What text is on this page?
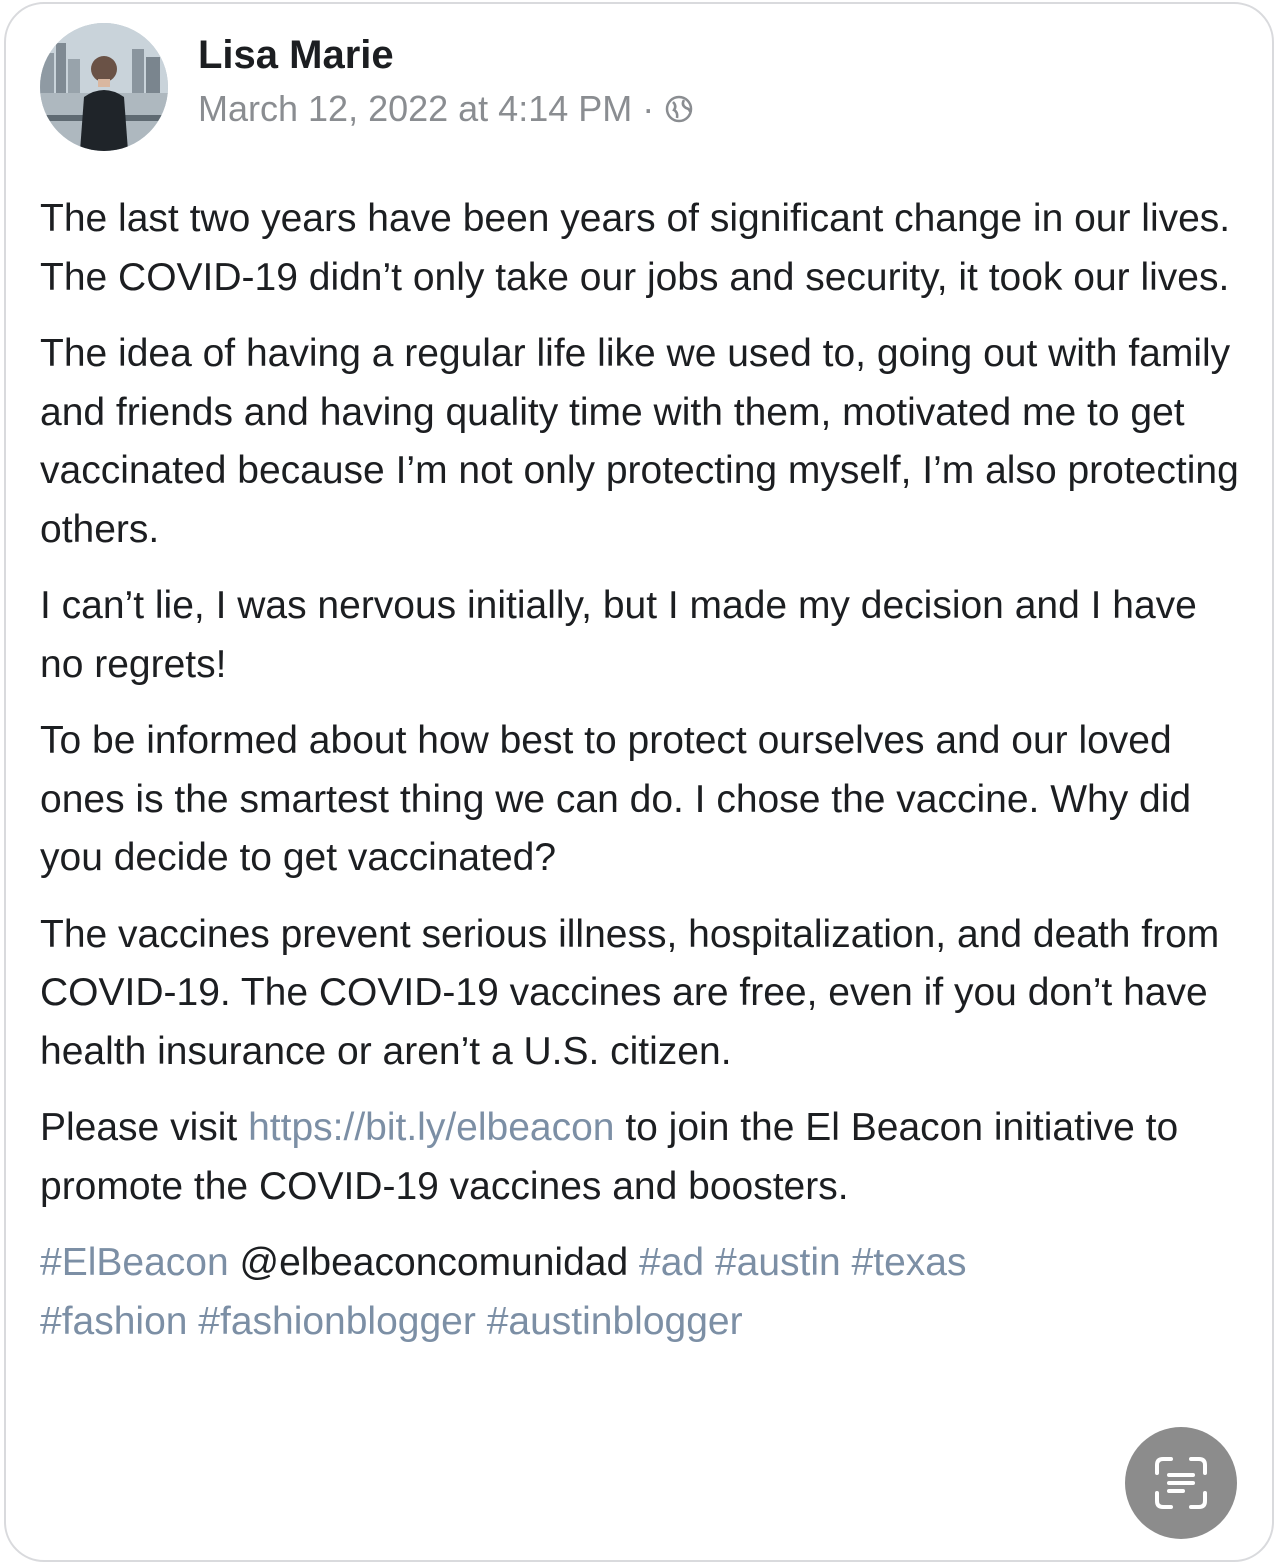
Lisa Marie
March 12, 2022 at 4:14 PM ·

The last two years have been years of significant change in our lives. The COVID-19 didn’t only take our jobs and security, it took our lives.

The idea of having a regular life like we used to, going out with family and friends and having quality time with them, motivated me to get vaccinated because I’m not only protecting myself, I’m also protecting others.

I can’t lie, I was nervous initially, but I made my decision and I have no regrets!

To be informed about how best to protect ourselves and our loved ones is the smartest thing we can do. I chose the vaccine. Why did you decide to get vaccinated?

The vaccines prevent serious illness, hospitalization, and death from COVID-19. The COVID-19 vaccines are free, even if you don’t have health insurance or aren’t a U.S. citizen.

Please visit https://bit.ly/elbeacon to join the El Beacon initiative to promote the COVID-19 vaccines and boosters.

#ElBeacon @elbeaconcomunidad #ad #austin #texas
#fashion #fashionblogger #austinblogger
